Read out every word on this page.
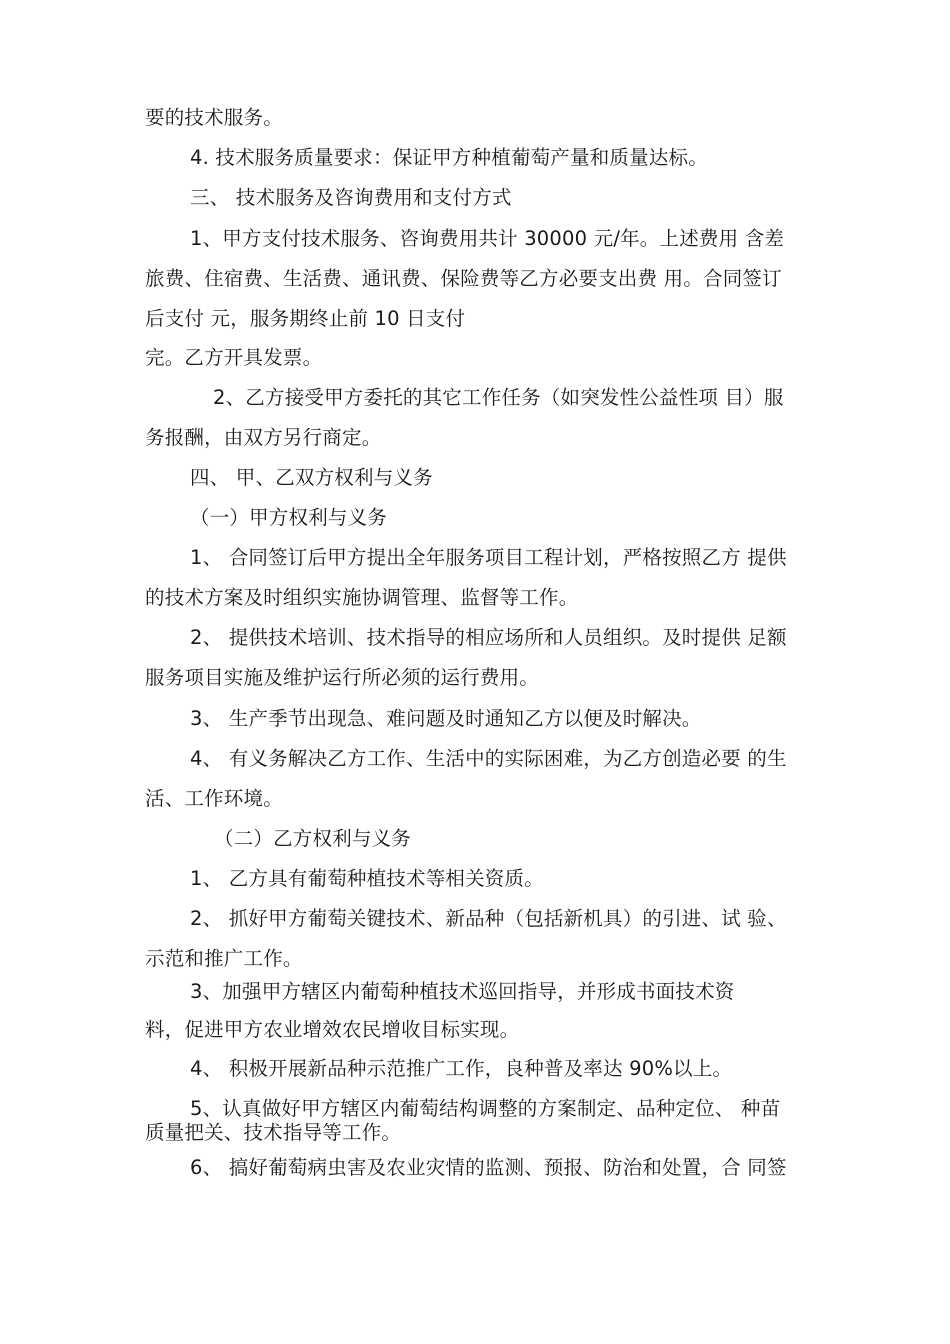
要的技术服务。
4. 技术服务质量要求：保证甲方种植葡萄产量和质量达标。
三、 技术服务及咨询费用和支付方式
1、甲方支付技术服务、咨询费用共计 30000 元/年。上述费用 含差
旅费、住宿费、生活费、通讯费、保险费等乙方必要支出费 用。合同签订
后支付 元，服务期终止前 10 日支付
完。乙方开具发票。
2、乙方接受甲方委托的其它工作任务（如突发性公益性项 目）服
务报酬，由双方另行商定。
四、 甲、乙双方权利与义务
（一）甲方权利与义务
1、 合同签订后甲方提出全年服务项目工程计划，严格按照乙方 提供
的技术方案及时组织实施协调管理、监督等工作。
2、 提供技术培训、技术指导的相应场所和人员组织。及时提供 足额
服务项目实施及维护运行所必须的运行费用。
3、 生产季节出现急、难问题及时通知乙方以便及时解决。
4、 有义务解决乙方工作、生活中的实际困难，为乙方创造必要 的生
活、工作环境。
（二）乙方权利与义务
1、 乙方具有葡萄种植技术等相关资质。
2、 抓好甲方葡萄关键技术、新品种（包括新机具）的引进、试 验、
示范和推广工作。
3、加强甲方辖区内葡萄种植技术巡回指导，并形成书面技术资
料，促进甲方农业增效农民增收目标实现。
4、 积极开展新品种示范推广工作，良种普及率达 90%以上。
5、认真做好甲方辖区内葡萄结构调整的方案制定、品种定位、 种苗
质量把关、技术指导等工作。
6、 搞好葡萄病虫害及农业灾情的监测、预报、防治和处置，合 同签
